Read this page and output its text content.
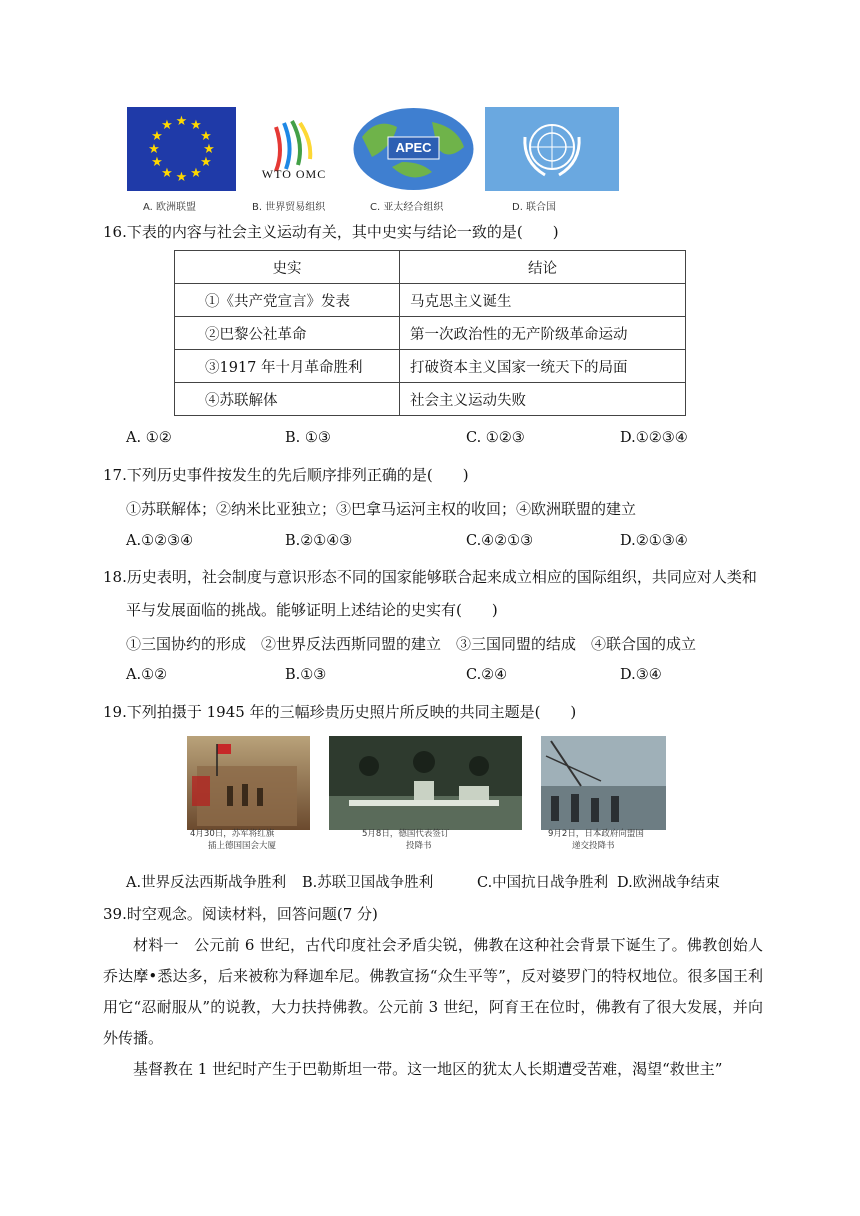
★ ★
★
★
★
★
★
★
★
★
★
★
WTO OMC
APEC
A. 欧洲联盟	B. 世界贸易组织	C. 亚太经合组织	D. 联合国
16.下表的内容与社会主义运动有关，其中史实与结论一致的是(　　)
史实	结论
①《共产党宣言》发表	马克思主义诞生
②巴黎公社革命	第一次政治性的无产阶级革命运动
③1917 年十月革命胜利	打破资本主义国家一统天下的局面
④苏联解体	社会主义运动失败
A. ①②	B. ①③	C. ①②③	D.①②③④
17.下列历史事件按发生的先后顺序排列正确的是(　　)
①苏联解体；②纳米比亚独立；③巴拿马运河主权的收回；④欧洲联盟的建立
A.①②③④	B.②①④③	C.④②①③	D.②①③④
18.历史表明，社会制度与意识形态不同的国家能够联合起来成立相应的国际组织，共同应对人类和
平与发展面临的挑战。能够证明上述结论的史实有(　　)
①三国协约的形成　②世界反法西斯同盟的建立　③三国同盟的结成　④联合国的成立
A.①②	B.①③	C.②④	D.③④
19.下列拍摄于 1945 年的三幅珍贵历史照片所反映的共同主题是(　　)
4月30日，苏军将红旗
插上德国国会大厦
5月8日，德国代表签订
投降书
9月2日，日本政府向盟国
递交投降书
A.世界反法西斯战争胜利 B.苏联卫国战争胜利	C.中国抗日战争胜利 D.欧洲战争结束
39.时空观念。阅读材料，回答问题(7 分)
材料一　公元前 6 世纪，古代印度社会矛盾尖锐，佛教在这种社会背景下诞生了。佛教创始人乔达摩•悉达多，后来被称为释迦牟尼。佛教宣扬“众生平等”，反对婆罗门的特权地位。很多国王利用它“忍耐服从”的说教，大力扶持佛教。公元前 3 世纪，阿育王在位时，佛教有了很大发展，并向外传播。
基督教在 1 世纪时产生于巴勒斯坦一带。这一地区的犹太人长期遭受苦难，渴望“救世主”
